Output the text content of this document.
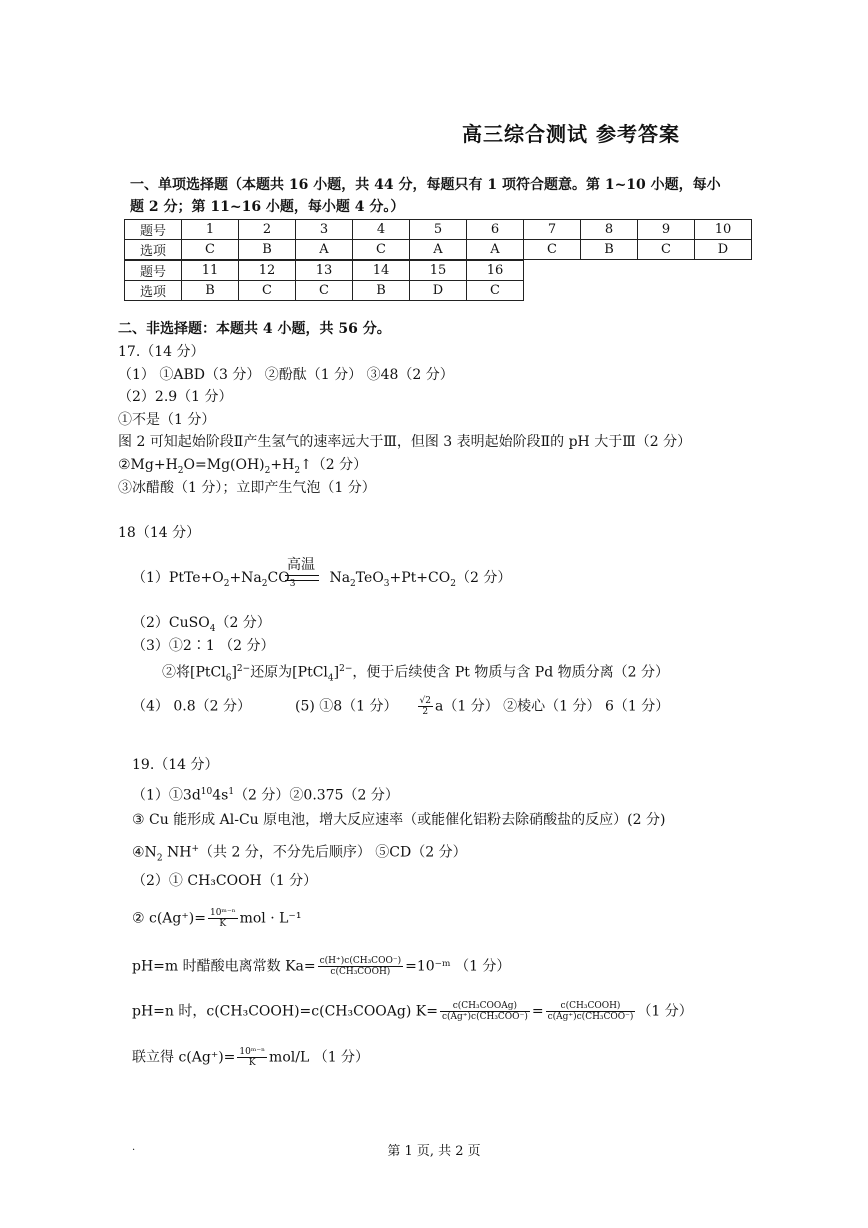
高三综合测试 参考答案
一、单项选择题（本题共 16 小题，共 44 分，每题只有 1 项符合题意。第 1~10 小题，每小
题 2 分；第 11~16 小题，每小题 4 分。）
题号	1	2	3	4	5	6	7	8	9	10
选项	C	B	A	C	A	A	C	B	C	D
题号	11	12	13	14	15	16
选项	B	C	C	B	D	C
二、非选择题：本题共 4 小题，共 56 分。
17.（14 分）
（1） ①ABD（3 分） ②酚酞（1 分） ③48（2 分）
（2）2.9（1 分）
①不是（1 分）
图 2 可知起始阶段Ⅱ产生氢气的速率远大于Ⅲ，但图 3 表明起始阶段Ⅱ的 pH 大于Ⅲ（2 分）
$②Mg+H_2O=Mg(OH)_2+H_2↑(2$ 分）
③冰醋酸（1 分）；立即产生气泡（1 分）
18（14 分）
高温
$(1)PtTe+O_2+Na_2CO_3$ $Na_2TeO_3+Pt+CO_2(2$ 分）
（2）CuSO$_4$（2 分）
（3）①2∶1 （2 分）
②将[PtCl$_6$]$^{2-}$还原为[PtCl$_4$]$^{2-}$，便于后续使含 Pt 物质与含 Pd 物质分离（2 分）
（4） 0.8（2 分）	(5) ①8（1 分） $\frac{√2}{2} a(1$ 分） ②棱心（1 分） 6（1 分）
19.（14 分）
$(1)①3d^{10}4s^1(2$ 分）②0.375（2 分）
③ Cu 能形成 Al-Cu 原电池，增大反应速率（或能催化铝粉去除硝酸盐的反应）(2 分)
$④N_2$ NH+（共 2 分，不分先后顺序） ⑤CD（2 分）
（2）① CH₃COOH（1 分）
② $c(Ag^+)= \frac{\text{10ᵐ⁻ⁿ}}{K}$ mol · L⁻¹
pH=m 时醋酸电离常数 $Ka= \frac{\text{c(H⁺)c(CH₃COO⁻)}}{\text{c(CH₃COOH)}}$ =10⁻ᵐ （1 分）
pH=n 时，c(CH₃COOH)=c(CH₃COOAg) $K= \frac{\text{c(CH₃COOAg)}}{\text{c(Ag⁺)c(CH₃COO⁻)}} = \frac{\text{c(CH₃COOH)}}{\text{c(Ag⁺)c(CH₃COO⁻)}} (1$ 分）
联立得 $c(Ag^+)= \frac{\text{10ᵐ⁻ⁿ}}{K} mol/L$ （1 分）
.	第 1 页, 共 2 页
